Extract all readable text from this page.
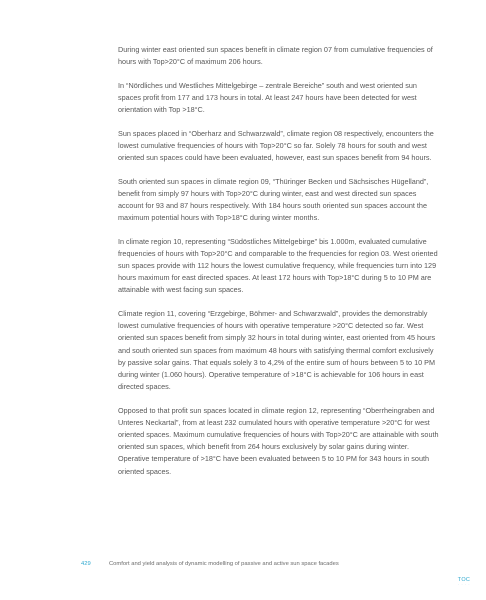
During winter east oriented sun spaces benefit in climate region 07 from cumulative frequencies of hours with Top>20°C of maximum 206 hours.

In “Nördliches und Westliches Mittelgebirge – zentrale Bereiche” south and west oriented sun spaces profit from 177 and 173 hours in total. At least 247 hours have been detected for west orientation with Top >18°C.

Sun spaces placed in “Oberharz and Schwarzwald”, climate region 08 respectively, encounters the lowest cumulative frequencies of hours with Top>20°C so far. Solely 78 hours for south and west oriented sun spaces could have been evaluated, however, east sun spaces benefit from 94 hours.

South oriented sun spaces in climate region 09, “Thüringer Becken und Sächsisches Hügelland”, benefit from simply 97 hours with Top>20°C during winter, east and west directed sun spaces account for 93 and 87 hours respectively. With 184 hours south oriented sun spaces account the maximum potential hours with Top>18°C during winter months.

In climate region 10, representing “Südöstliches Mittelgebirge” bis 1.000m, evaluated cumulative frequencies of hours with Top>20°C and comparable to the frequencies for region 03. West oriented sun spaces provide with 112 hours the lowest cumulative frequency, while frequencies turn into 129 hours maximum for east directed spaces. At least 172 hours with Top>18°C during 5 to 10 PM are attainable with west facing sun spaces.

Climate region 11, covering “Erzgebirge, Böhmer- and Schwarzwald”, provides the demonstrably lowest cumulative frequencies of hours with operative temperature >20°C detected so far. West oriented sun spaces benefit from simply 32 hours in total during winter, east oriented from 45 hours and south oriented sun spaces from maximum 48 hours with satisfying thermal comfort exclusively by passive solar gains. That equals solely 3 to 4,2% of the entire sum of hours between 5 to 10 PM during winter (1.060 hours). Operative temperature of >18°C is achievable for 106 hours in east directed spaces.

Opposed to that profit sun spaces located in climate region 12, representing “Oberrheingraben and Unteres Neckartal”, from at least 232 cumulated hours with operative temperature >20°C for west oriented spaces. Maximum cumulative frequencies of hours with Top>20°C are attainable with south oriented sun spaces, which benefit from 264 hours exclusively by solar gains during winter. Operative temperature of >18°C have been evaluated between 5 to 10 PM for 343 hours in south oriented spaces.

429	Comfort and yield analysis of dynamic modelling of passive and active sun space facades
TOC
· · · ·
